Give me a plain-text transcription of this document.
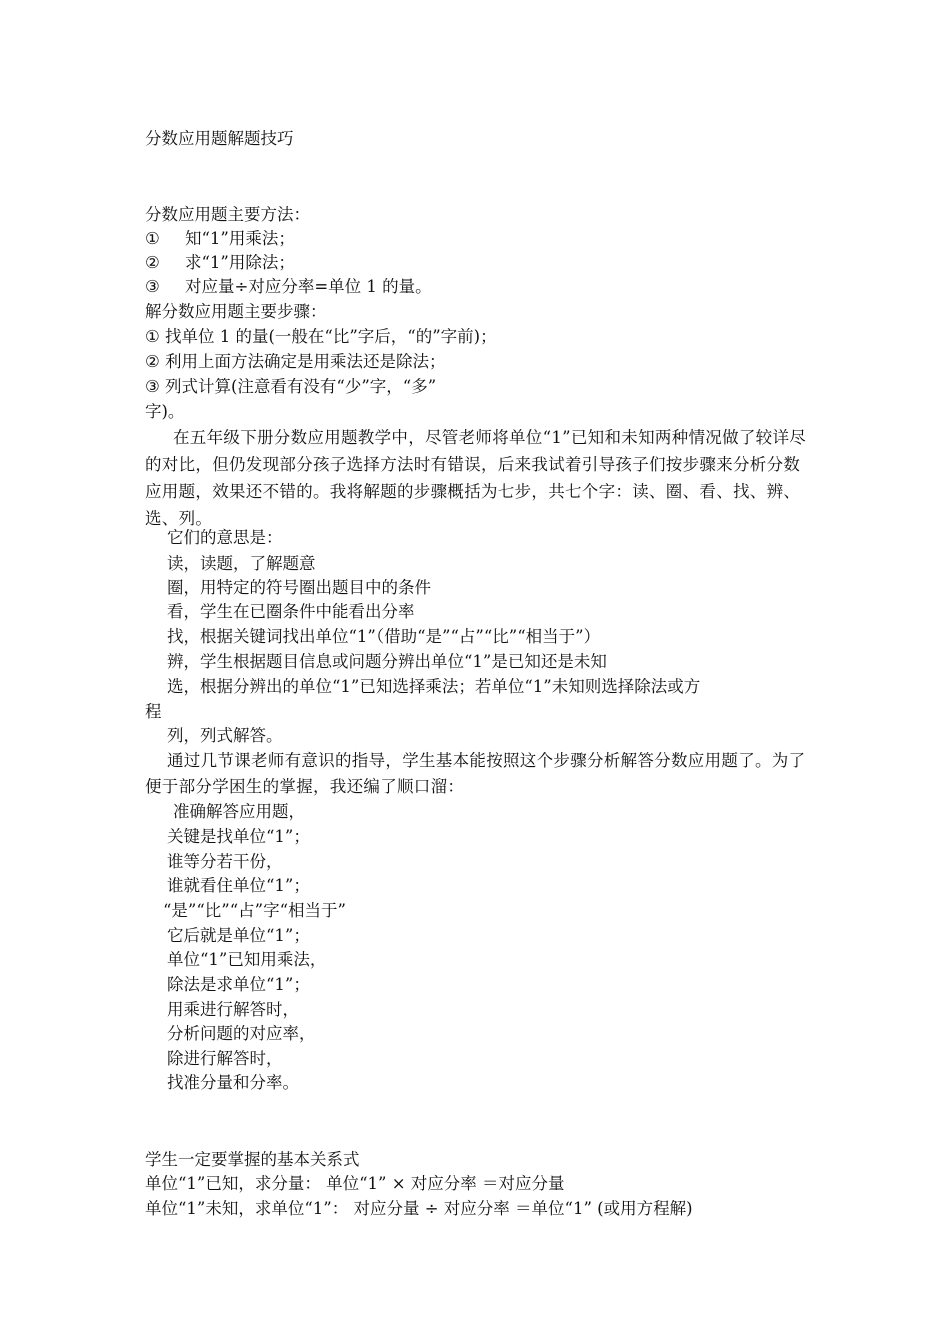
分数应用题解题技巧
分数应用题主要方法：
① 知“1”用乘法；
② 求“1”用除法；
③ 对应量÷对应分率=单位 1 的量。
解分数应用题主要步骤：
① 找单位 1 的量(一般在“比”字后，“的”字前)；
② 利用上面方法确定是用乘法还是除法；
③ 列式计算(注意看有没有“少”字，“多”
字)。
在五年级下册分数应用题教学中，尽管老师将单位“1”已知和未知两种情况做了较详尽的对比，但仍发现部分孩子选择方法时有错误，后来我试着引导孩子们按步骤来分析分数应用题，效果还不错的。我将解题的步骤概括为七步，共七个字：读、圈、看、找、辨、选、列。
它们的意思是：
读，读题，了解题意
圈，用特定的符号圈出题目中的条件
看，学生在已圈条件中能看出分率
找，根据关键词找出单位“1”（借助“是”“占”“比”“相当于”）
辨，学生根据题目信息或问题分辨出单位“1”是已知还是未知
选，根据分辨出的单位“1”已知选择乘法；若单位“1”未知则选择除法或方
程
列，列式解答。
通过几节课老师有意识的指导，学生基本能按照这个步骤分析解答分数应用题了。为了便于部分学困生的掌握，我还编了顺口溜：
准确解答应用题，
关键是找单位“1”；
谁等分若干份，
谁就看住单位“1”；
“是”“比”“占”字“相当于”
它后就是单位“1”；
单位“1”已知用乘法，
除法是求单位“1”；
用乘进行解答时，
分析问题的对应率，
除进行解答时，
找准分量和分率。
学生一定要掌握的基本关系式
单位“1”已知，求分量： 单位“1” × 对应分率 ＝对应分量
单位“1”未知，求单位“1”： 对应分量 ÷ 对应分率 ＝单位“1” (或用方程解)
